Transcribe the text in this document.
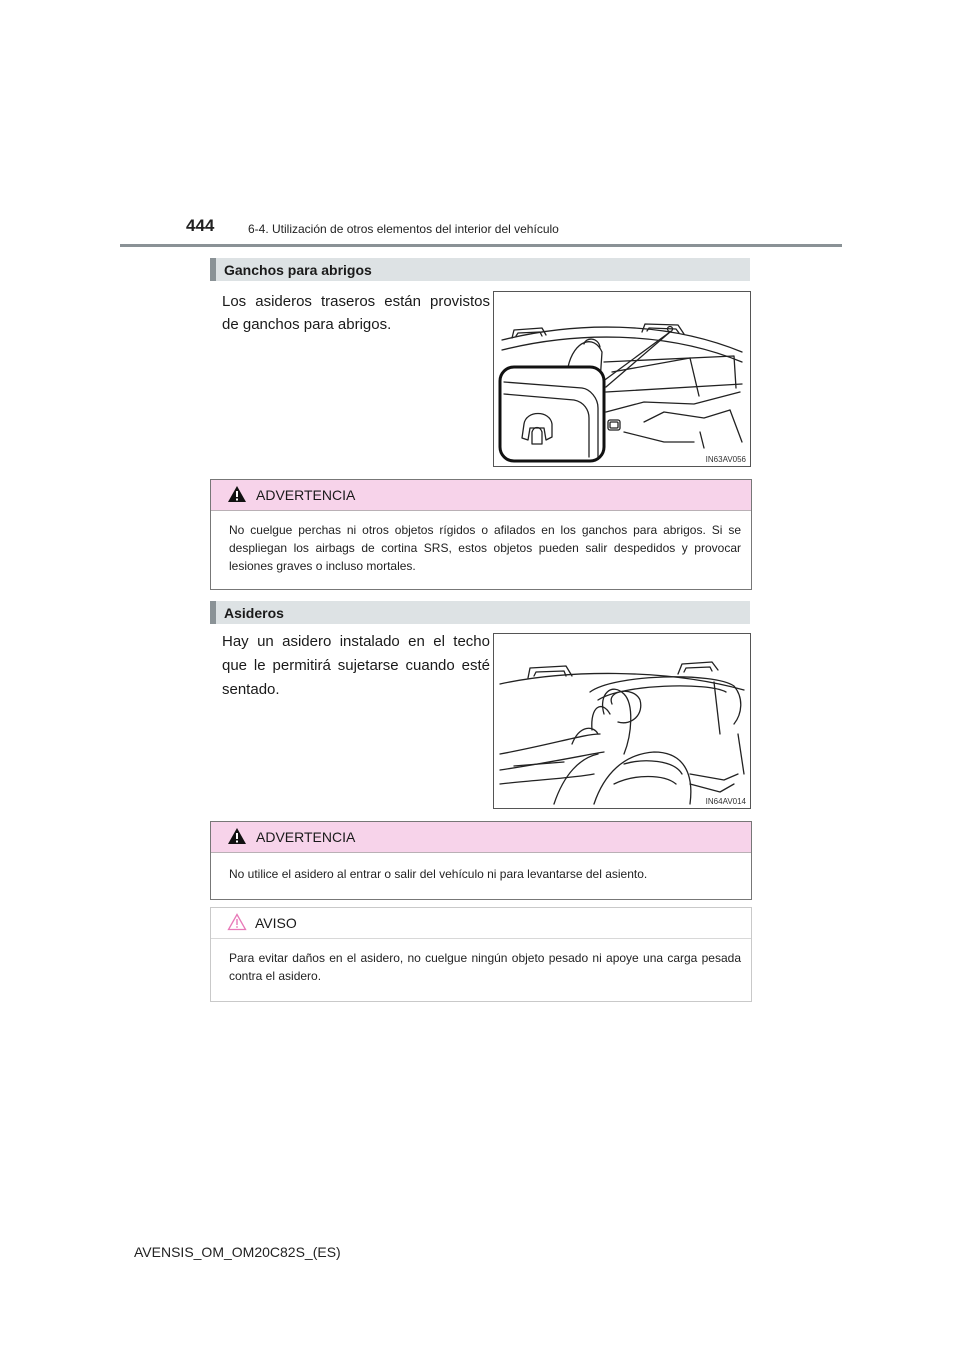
444	6-4. Utilización de otros elementos del interior del vehículo
Ganchos para abrigos
Los asideros traseros están provistos de ganchos para abrigos.
IN63AV056
ADVERTENCIA
No cuelgue perchas ni otros objetos rígidos o afilados en los ganchos para abrigos. Si se despliegan los airbags de cortina SRS, estos objetos pueden salir despedidos y provocar lesiones graves o incluso mortales.
Asideros
Hay un asidero instalado en el techo que le permitirá sujetarse cuando esté sentado.
IN64AV014
ADVERTENCIA
No utilice el asidero al entrar o salir del vehículo ni para levantarse del asiento.
AVISO
Para evitar daños en el asidero, no cuelgue ningún objeto pesado ni apoye una carga pesada contra el asidero.
AVENSIS_OM_OM20C82S_(ES)
